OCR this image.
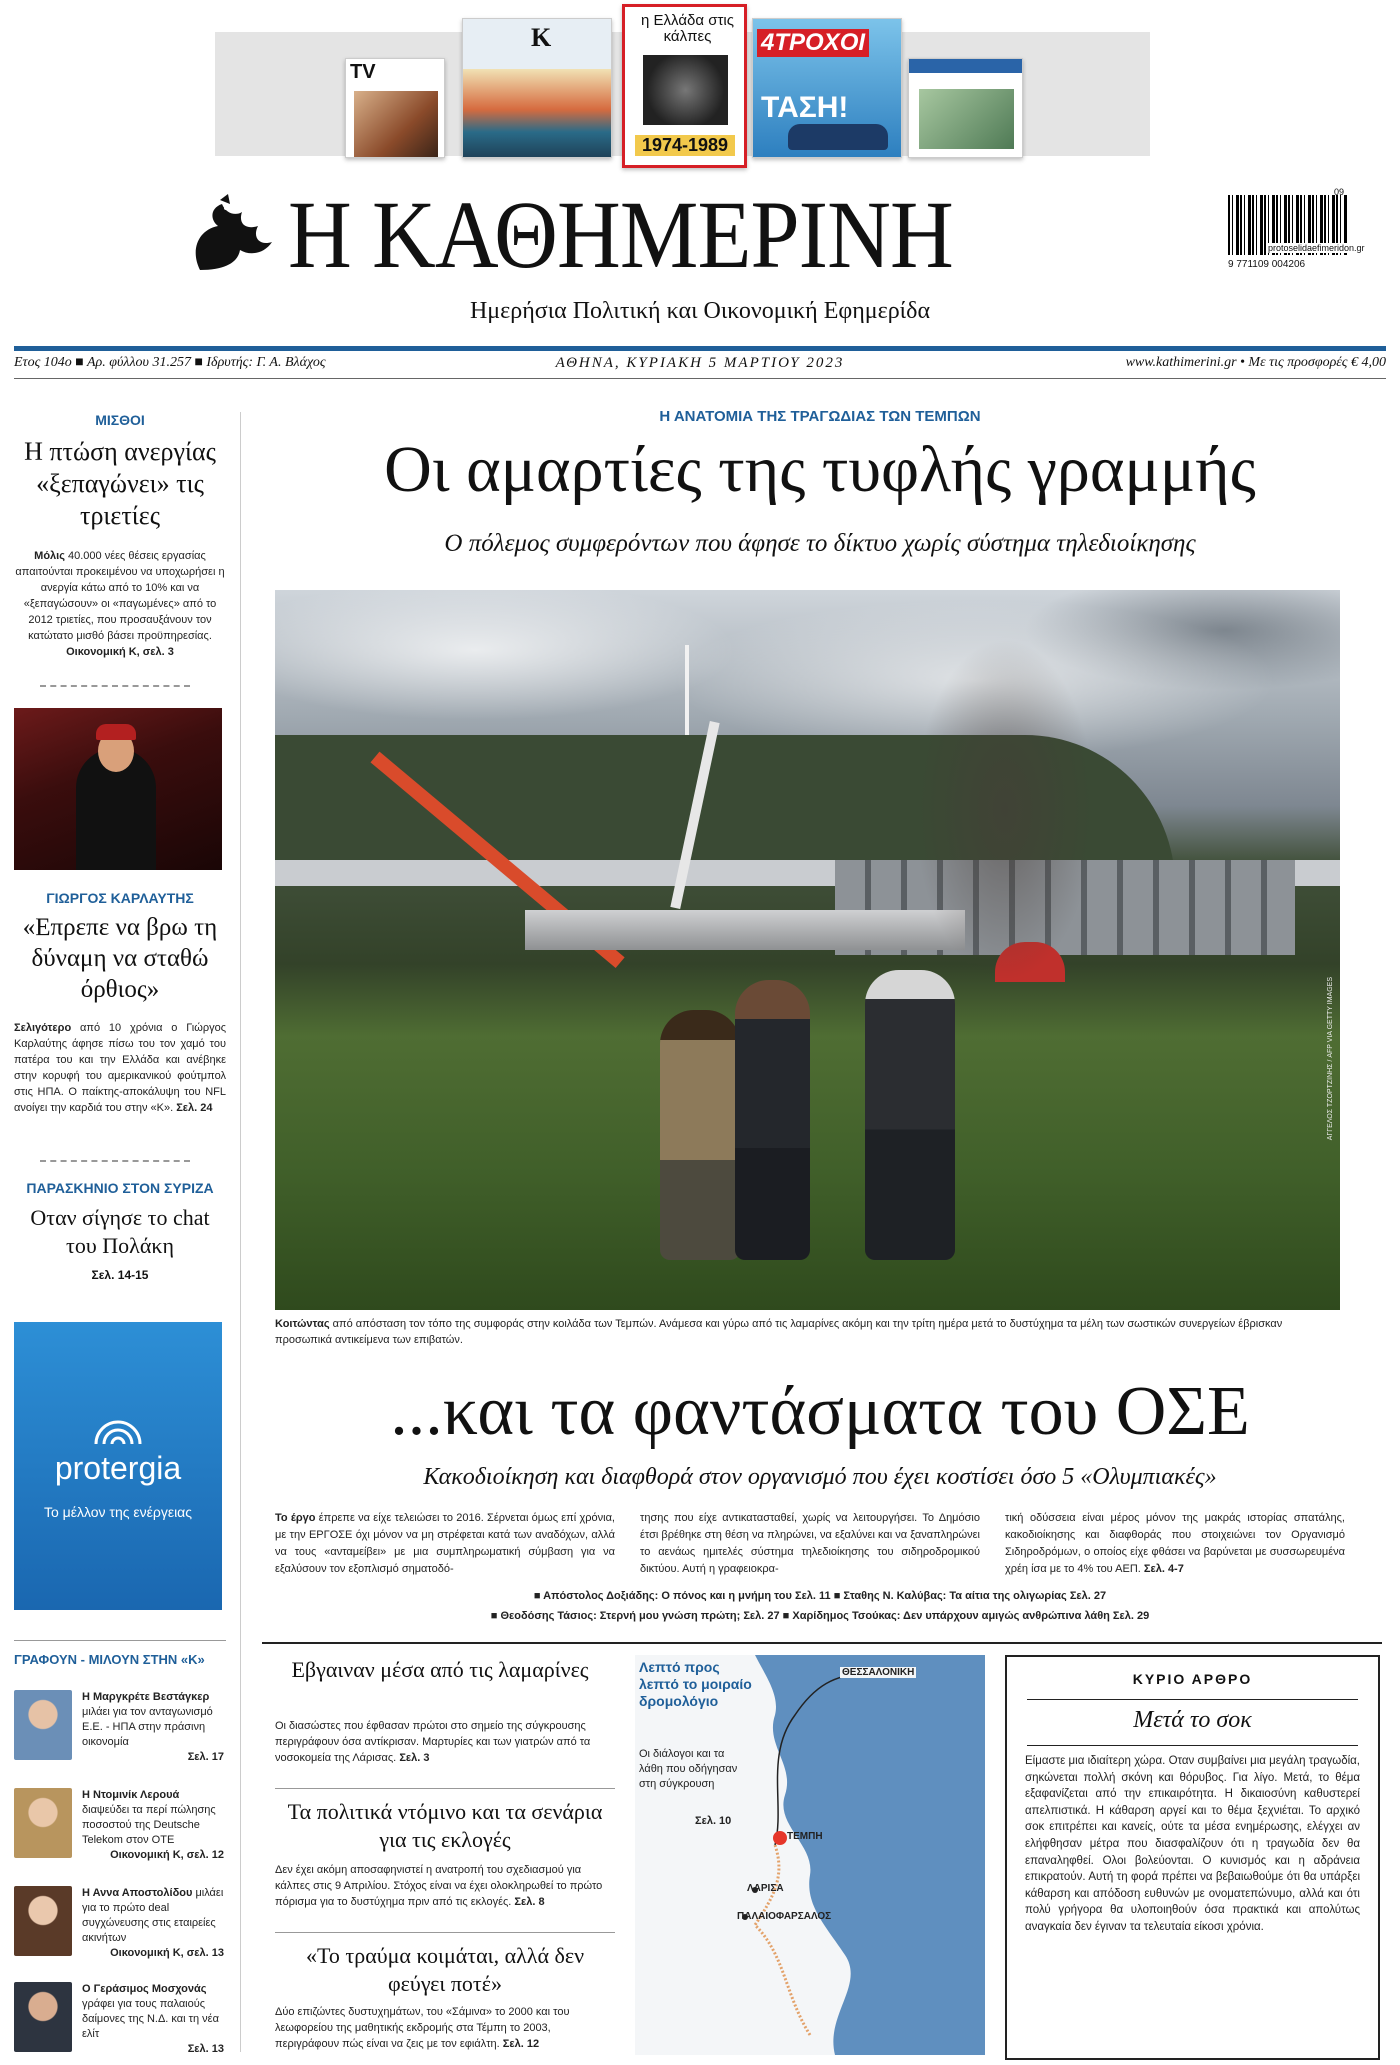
TV
K
η Ελλάδα στις κάλπες
1974-1989
4ΤΡΟΧΟΙ
ΤΑΣΗ!
Η ΚΑΘΗΜΕΡΙΝΗ
Ημερήσια Πολιτική και Οικονομική Εφημερίδα
protoselidaefimeridon.gr
9 771109 004206
09
Ετος 104ο ■ Αρ. φύλλου 31.257 ■ Ιδρυτής: Γ. Α. Βλάχος	ΑΘΗΝΑ, ΚΥΡΙΑΚΗ 5 ΜΑΡΤΙΟΥ 2023	www.kathimerini.gr • Με τις προσφορές € 4,00
ΜΙΣΘΟΙ
Η πτώση ανεργίας «ξεπαγώνει» τις τριετίες
Μόλις 40.000 νέες θέσεις εργασίας απαιτούνται προκειμένου να υποχωρήσει η ανεργία κάτω από το 10% και να «ξεπαγώσουν» οι «παγωμένες» από το 2012 τριετίες, που προσαυξάνουν τον κατώτατο μισθό βάσει προϋπηρεσίας. Οικονομική Κ, σελ. 3
ΓΙΩΡΓΟΣ ΚΑΡΛΑΥΤΗΣ
«Επρεπε να βρω τη δύναμη να σταθώ όρθιος»
Σελιγότερο από 10 χρόνια ο Γιώργος Καρλαύτης άφησε πίσω του τον χαμό του πατέρα του και την Ελλάδα και ανέβηκε στην κορυφή του αμερικανικού φούτμπολ στις ΗΠΑ. Ο παίκτης-αποκάλυψη του NFL ανοίγει την καρδιά του στην «Κ». Σελ. 24
ΠΑΡΑΣΚΗΝΙΟ ΣΤΟΝ ΣΥΡΙΖΑ
Οταν σίγησε το chat του Πολάκη
Σελ. 14-15
protergia
Το μέλλον της ενέργειας
ΓΡΑΦΟΥΝ - ΜΙΛΟΥΝ ΣΤΗΝ «Κ»
Η Μαργκρέτε Βεστάγκερ μιλάει για τον ανταγωνισμό Ε.Ε. - ΗΠΑ στην πράσινη οικονομία

Σελ. 17
Η Ντομινίκ Λερουά διαψεύδει τα περί πώλησης ποσοστού της Deutsche Telekom στον ΟΤΕ

Οικονομική Κ, σελ. 12
Η Αννα Αποστολίδου μιλάει για το πρώτο deal συγχώνευσης στις εταιρείες ακινήτων

Οικονομική Κ, σελ. 13
Ο Γεράσιμος Μοσχονάς γράφει για τους παλαιούς δαίμονες της Ν.Δ. και τη νέα ελίτ

Σελ. 13
Η ΑΝΑΤΟΜΙΑ ΤΗΣ ΤΡΑΓΩΔΙΑΣ ΤΩΝ ΤΕΜΠΩΝ
Οι αμαρτίες της τυφλής γραμμής
Ο πόλεμος συμφερόντων που άφησε το δίκτυο χωρίς σύστημα τηλεδιοίκησης
ΑΓΓΕΛΟΣ ΤΖΟΡΤΖΙΝΗΣ / AFP VIA GETTY IMAGES
Κοιτώντας από απόσταση τον τόπο της συμφοράς στην κοιλάδα των Τεμπών. Ανάμεσα και γύρω από τις λαμαρίνες ακόμη και την τρίτη ημέρα μετά το δυστύχημα τα μέλη των σωστικών συνεργείων έβρισκαν προσωπικά αντικείμενα των επιβατών.
...και τα φαντάσματα του ΟΣΕ
Κακοδιοίκηση και διαφθορά στον οργανισμό που έχει κοστίσει όσο 5 «Ολυμπιακές»
Το έργο έπρεπε να είχε τελειώσει το 2016. Σέρνεται όμως επί χρόνια, με την ΕΡΓΟΣΕ όχι μόνον να μη στρέφεται κατά των αναδόχων, αλλά να τους «ανταμείβει» με μια συμπληρωματική σύμβαση για να εξαλύσουν τον εξοπλισμό σηματοδό-
τησης που είχε αντικατασταθεί, χωρίς να λειτουργήσει. Το Δημόσιο έτσι βρέθηκε στη θέση να πληρώνει, να εξαλύνει και να ξαναπληρώνει το αενάως ημιτελές σύστημα τηλεδιοίκησης του σιδηροδρομικού δικτύου. Αυτή η γραφειοκρα-
τική οδύσσεια είναι μέρος μόνον της μακράς ιστορίας σπατάλης, κακοδιοίκησης και διαφθοράς που στοιχειώνει τον Οργανισμό Σιδηροδρόμων, ο οποίος είχε φθάσει να βαρύνεται με συσσωρευμένα χρέη ίσα με το 4% του ΑΕΠ. Σελ. 4-7
■ Απόστολος Δοξιάδης: Ο πόνος και η μνήμη του Σελ. 11 ■ Σταθης Ν. Καλύβας: Τα αίτια της ολιγωρίας Σελ. 27
■ Θεοδόσης Τάσιος: Στερνή μου γνώση πρώτη; Σελ. 27 ■ Χαρίδημος Τσούκας: Δεν υπάρχουν αμιγώς ανθρώπινα λάθη Σελ. 29
Εβγαιναν μέσα από τις λαμαρίνες
Οι διασώστες που έφθασαν πρώτοι στο σημείο της σύγκρουσης περιγράφουν όσα αντίκρισαν. Μαρτυρίες και των γιατρών από τα νοσοκομεία της Λάρισας. Σελ. 3
Τα πολιτικά ντόμινο και τα σενάρια για τις εκλογές
Δεν έχει ακόμη αποσαφηνιστεί η ανατροπή του σχεδιασμού για κάλπες στις 9 Απριλίου. Στόχος είναι να έχει ολοκληρωθεί το πρώτο πόρισμα για το δυστύχημα πριν από τις εκλογές. Σελ. 8
«Το τραύμα κοιμάται, αλλά δεν φεύγει ποτέ»
Δύο επιζώντες δυστυχημάτων, του «Σάμινα» το 2000 και του λεωφορείου της μαθητικής εκδρομής στα Τέμπη το 2003, περιγράφουν πώς είναι να ζεις με τον εφιάλτη. Σελ. 12
Λεπτό προς λεπτό το μοιραίο δρομολόγιο
Οι διάλογοι και τα λάθη που οδήγησαν στη σύγκρουση
Σελ. 10
ΘΕΣΣΑΛΟΝΙΚΗ
ΤΕΜΠΗ
ΛΑΡΙΣΑ
ΠΑΛΑΙΟΦΑΡΣΑΛΟΣ
ΚΥΡΙΟ ΑΡΘΡΟ
Μετά το σοκ
Είμαστε μια ιδιαίτερη χώρα. Οταν συμβαίνει μια μεγάλη τραγωδία, σηκώνεται πολλή σκόνη και θόρυβος. Για λίγο. Μετά, το θέμα εξαφανίζεται από την επικαιρότητα. Η δικαιοσύνη καθυστερεί απελπιστικά. Η κάθαρση αργεί και το θέμα ξεχνιέται. Το αρχικό σοκ επιτρέπει και κανείς, ούτε τα μέσα ενημέρωσης, ελέγχει αν ελήφθησαν μέτρα που διασφαλίζουν ότι η τραγωδία δεν θα επαναληφθεί. Ολοι βολεύονται. Ο κυνισμός και η αδράνεια επικρατούν. Αυτή τη φορά πρέπει να βεβαιωθούμε ότι θα υπάρξει κάθαρση και απόδοση ευθυνών με ονοματεπώνυμο, αλλά και ότι πολύ γρήγορα θα υλοποιηθούν όσα πρακτικά και απολύτως αναγκαία δεν έγιναν τα τελευταία είκοσι χρόνια.
